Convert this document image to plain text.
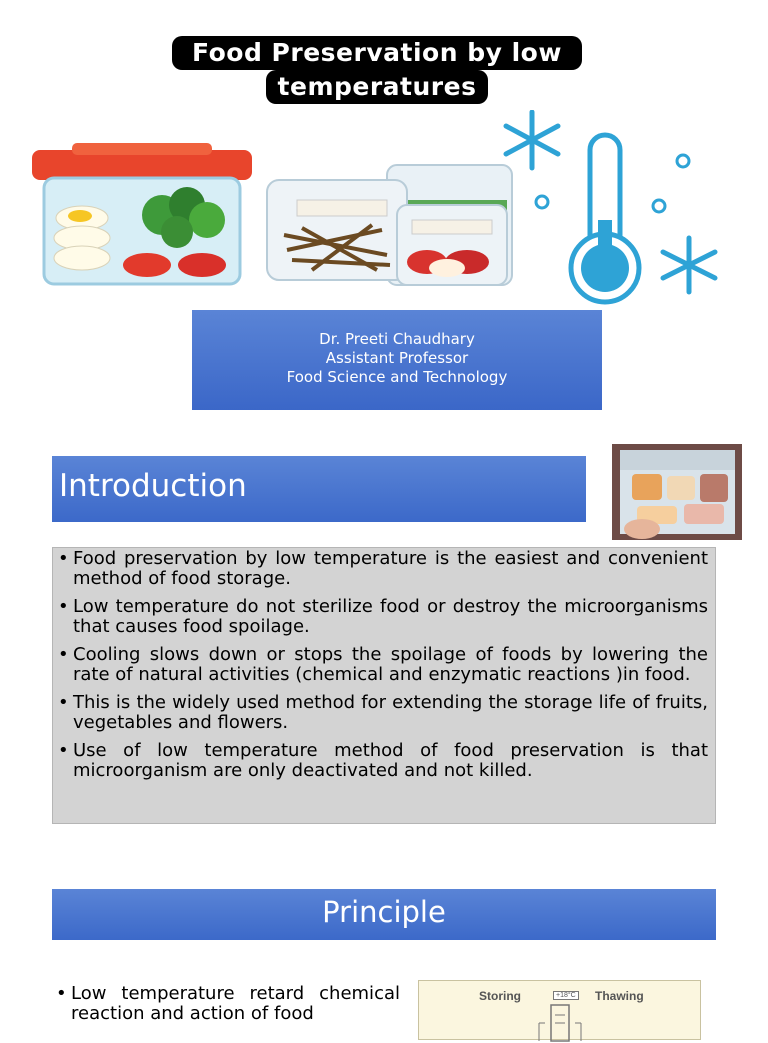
Food Preservation by low
temperatures
Dr. Preeti Chaudhary
Assistant Professor
Food Science and Technology
Introduction
• Food preservation by low temperature is the easiest and convenient method of food storage.
• Low temperature do not sterilize food or destroy the microorganisms that causes food spoilage.
• Cooling slows down or stops the spoilage of foods by lowering the rate of natural activities (chemical and enzymatic reactions )in food.
• This is the widely used method for extending the storage life of fruits, vegetables and flowers.
• Use of low temperature method of food preservation is that microorganism are only deactivated and not killed.
Principle
• Low temperature retard chemical reaction and action of food
Storing	Thawing
+18°C
